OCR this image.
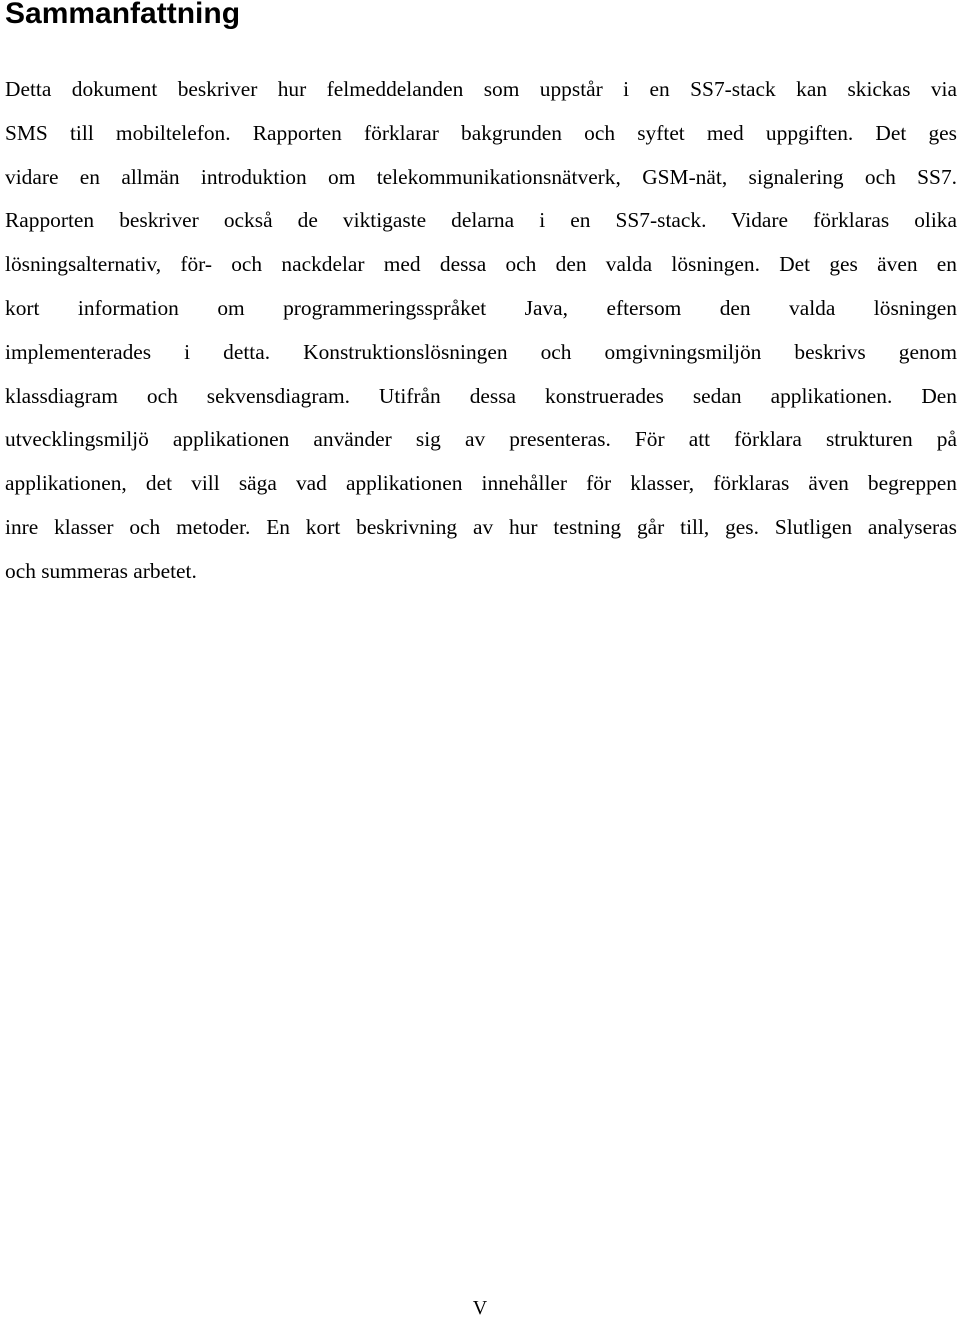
Sammanfattning
Detta dokument beskriver hur felmeddelanden som uppstår i en SS7-stack kan skickas via
SMS till mobiltelefon. Rapporten förklarar bakgrunden och syftet med uppgiften. Det ges
vidare en allmän introduktion om telekommunikationsnätverk, GSM-nät, signalering och SS7.
Rapporten beskriver också de viktigaste delarna i en SS7-stack. Vidare förklaras olika
lösningsalternativ, för- och nackdelar med dessa och den valda lösningen. Det ges även en
kort information om programmeringsspråket Java, eftersom den valda lösningen
implementerades i detta. Konstruktionslösningen och omgivningsmiljön beskrivs genom
klassdiagram och sekvensdiagram. Utifrån dessa konstruerades sedan applikationen. Den
utvecklingsmiljö applikationen använder sig av presenteras. För att förklara strukturen på
applikationen, det vill säga vad applikationen innehåller för klasser, förklaras även begreppen
inre klasser och metoder. En kort beskrivning av hur testning går till, ges. Slutligen analyseras
och summeras arbetet.
V
